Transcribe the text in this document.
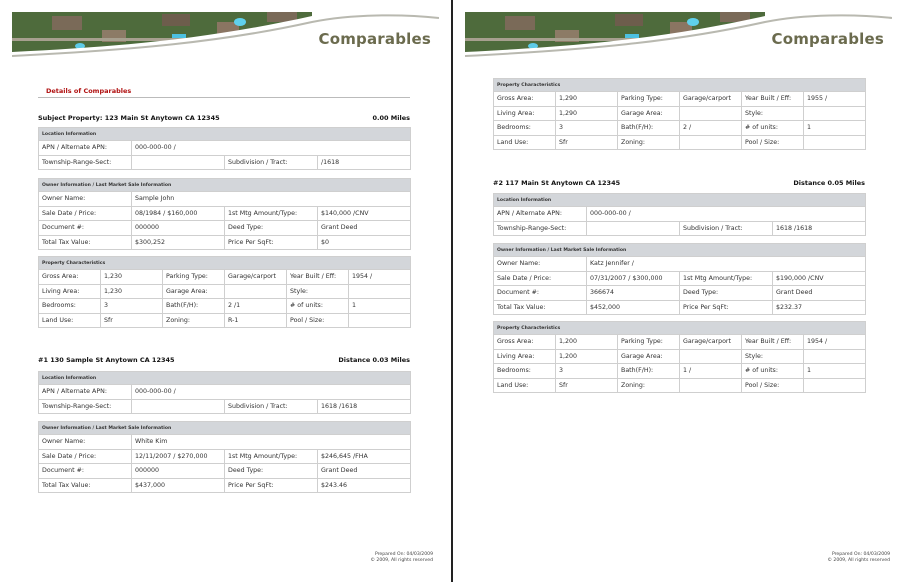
Comparables
Details of Comparables
Subject Property: 123 Main St Anytown CA 12345	0.00 Miles
Location Information			
APN / Alternate APN:	000-000-00 /		
Township-Range-Sect:		Subdivision / Tract:	/1618
Owner Information / Last Market Sale Information			
Owner Name:	Sample John		
Sale Date / Price:	08/1984 / $160,000	1st Mtg Amount/Type:	$140,000 /CNV
Document #:	000000	Deed Type:	Grant Deed
Total Tax Value:	$300,252	Price Per SqFt:	$0
Property Characteristics					
Gross Area:	1,230	Parking Type:	Garage/carport	Year Built / Eff:	1954 /
Living Area:	1,230	Garage Area:		Style:	
Bedrooms:	3	Bath(F/H):	2 /1	# of units:	1
Land Use:	Sfr	Zoning:	R-1	Pool / Size:	
#1 130 Sample St Anytown CA 12345	Distance 0.03 Miles
Location Information			
APN / Alternate APN:	000-000-00 /		
Township-Range-Sect:		Subdivision / Tract:	1618 /1618
Owner Information / Last Market Sale Information			
Owner Name:	White Kim		
Sale Date / Price:	12/11/2007 / $270,000	1st Mtg Amount/Type:	$246,645 /FHA
Document #:	000000	Deed Type:	Grant Deed
Total Tax Value:	$437,000	Price Per SqFt:	$243.46
Prepared On: 04/03/2009
© 2009, All rights reserved
Comparables
Property Characteristics					
Gross Area:	1,290	Parking Type:	Garage/carport	Year Built / Eff:	1955 /
Living Area:	1,290	Garage Area:		Style:	
Bedrooms:	3	Bath(F/H):	2 /	# of units:	1
Land Use:	Sfr	Zoning:		Pool / Size:	
#2 117 Main St Anytown CA 12345	Distance 0.05 Miles
Location Information			
APN / Alternate APN:	000-000-00 /		
Township-Range-Sect:		Subdivision / Tract:	1618 /1618
Owner Information / Last Market Sale Information			
Owner Name:	Katz Jennifer /		
Sale Date / Price:	07/31/2007 / $300,000	1st Mtg Amount/Type:	$190,000 /CNV
Document #:	366674	Deed Type:	Grant Deed
Total Tax Value:	$452,000	Price Per SqFt:	$232.37
Property Characteristics					
Gross Area:	1,200	Parking Type:	Garage/carport	Year Built / Eff:	1954 /
Living Area:	1,200	Garage Area:		Style:	
Bedrooms:	3	Bath(F/H):	1 /	# of units:	1
Land Use:	Sfr	Zoning:		Pool / Size:	
Prepared On: 04/03/2009
© 2009, All rights reserved
